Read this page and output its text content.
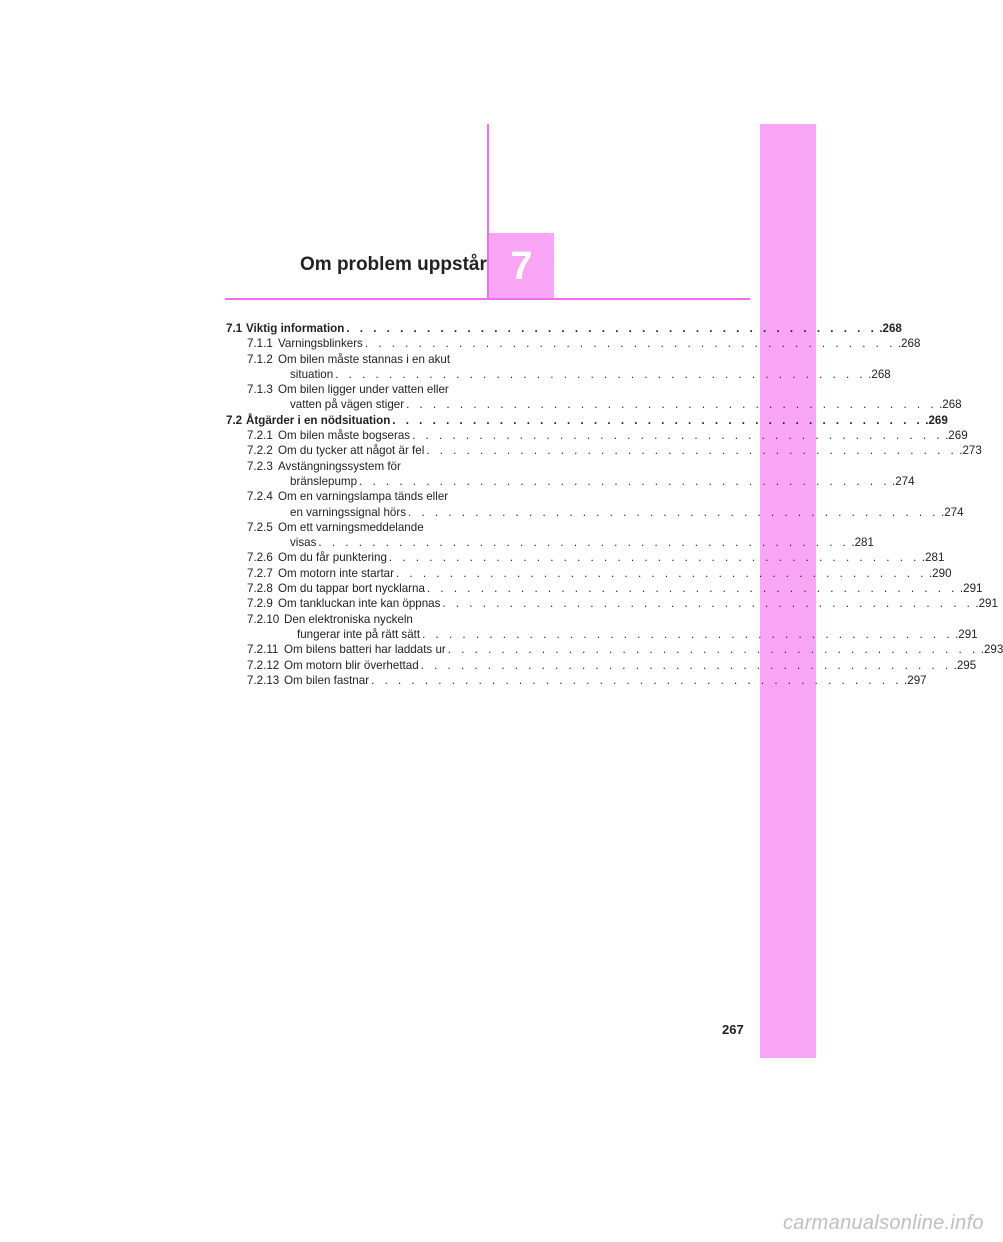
7
Om problem uppstår
7.1 Viktig information . . . . . . . . . . . . . . . . . . . . . . . . . . . . . . . . . . . . . . . . .268
7.1.1 Varningsblinkers . . . . . . . . . . . . . . . . . . . . . . . . . . . . . . . . . . . . . . . . .268
7.1.2 Om bilen måste stannas i en akut
situation . . . . . . . . . . . . . . . . . . . . . . . . . . . . . . . . . . . . . . . . .268
7.1.3 Om bilen ligger under vatten eller
vatten på vägen stiger . . . . . . . . . . . . . . . . . . . . . . . . . . . . . . . . . . . . . . . . .268
7.2 Åtgärder i en nödsituation . . . . . . . . . . . . . . . . . . . . . . . . . . . . . . . . . . . . . . . . .269
7.2.1 Om bilen måste bogseras . . . . . . . . . . . . . . . . . . . . . . . . . . . . . . . . . . . . . . . . .269
7.2.2 Om du tycker att något är fel . . . . . . . . . . . . . . . . . . . . . . . . . . . . . . . . . . . . . . . . .273
7.2.3 Avstängningssystem för
bränslepump . . . . . . . . . . . . . . . . . . . . . . . . . . . . . . . . . . . . . . . . .274
7.2.4 Om en varningslampa tänds eller
en varningssignal hörs . . . . . . . . . . . . . . . . . . . . . . . . . . . . . . . . . . . . . . . . .274
7.2.5 Om ett varningsmeddelande
visas . . . . . . . . . . . . . . . . . . . . . . . . . . . . . . . . . . . . . . . . .281
7.2.6 Om du får punktering . . . . . . . . . . . . . . . . . . . . . . . . . . . . . . . . . . . . . . . . .281
7.2.7 Om motorn inte startar . . . . . . . . . . . . . . . . . . . . . . . . . . . . . . . . . . . . . . . . .290
7.2.8 Om du tappar bort nycklarna . . . . . . . . . . . . . . . . . . . . . . . . . . . . . . . . . . . . . . . . .291
7.2.9 Om tankluckan inte kan öppnas . . . . . . . . . . . . . . . . . . . . . . . . . . . . . . . . . . . . . . . . .291
7.2.10 Den elektroniska nyckeln
fungerar inte på rätt sätt . . . . . . . . . . . . . . . . . . . . . . . . . . . . . . . . . . . . . . . . .291
7.2.11 Om bilens batteri har laddats ur . . . . . . . . . . . . . . . . . . . . . . . . . . . . . . . . . . . . . . . . .293
7.2.12 Om motorn blir överhettad . . . . . . . . . . . . . . . . . . . . . . . . . . . . . . . . . . . . . . . . .295
7.2.13 Om bilen fastnar . . . . . . . . . . . . . . . . . . . . . . . . . . . . . . . . . . . . . . . . .297
267
carmanualsonline.info
